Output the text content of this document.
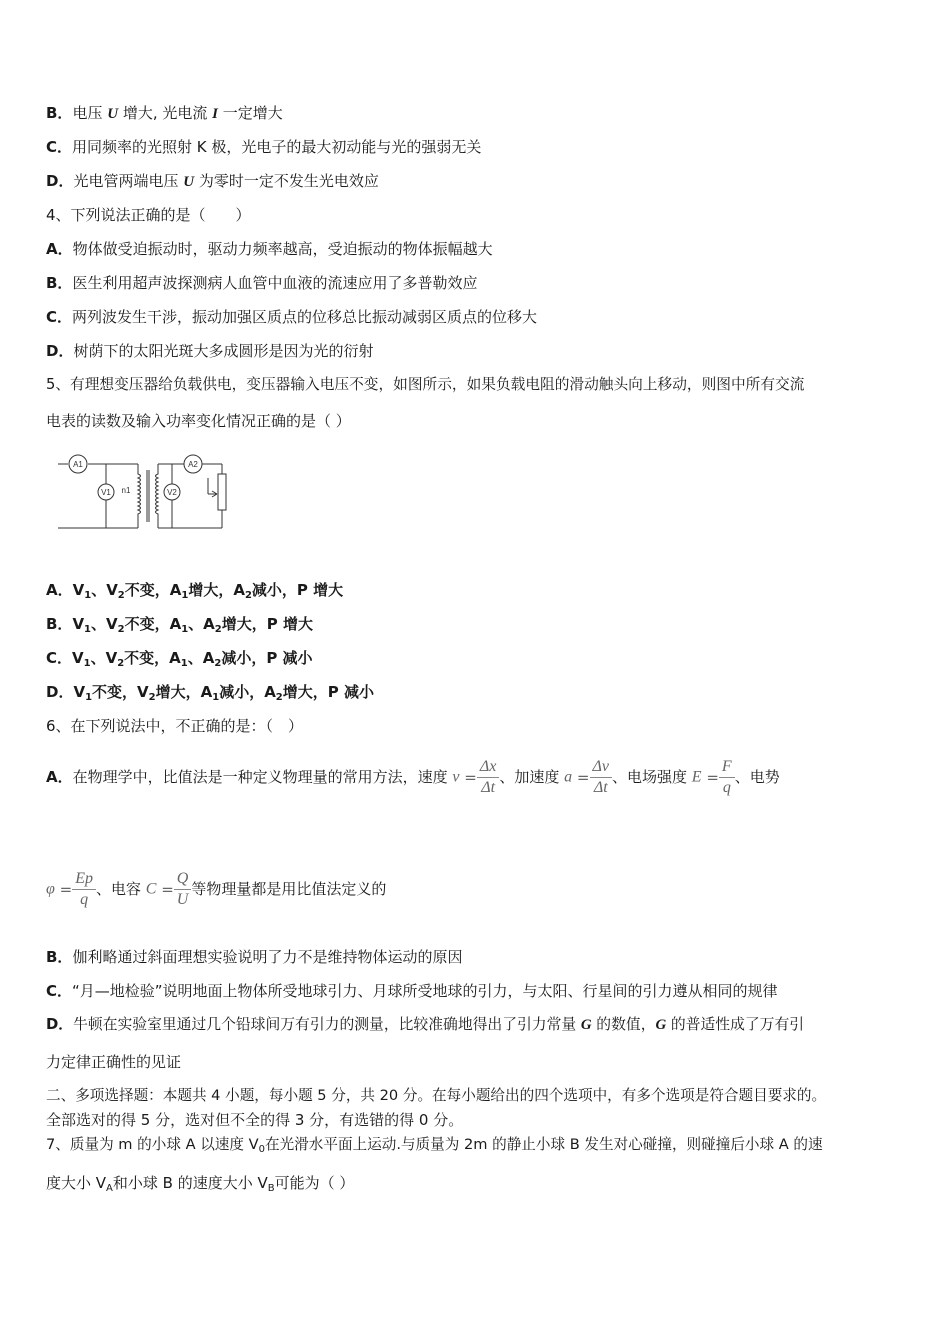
B．电压 U 增大, 光电流 I 一定增大
C．用同频率的光照射 K 极，光电子的最大初动能与光的强弱无关
D．光电管两端电压 U 为零时一定不发生光电效应
4、下列说法正确的是（　　）
A．物体做受迫振动时，驱动力频率越高，受迫振动的物体振幅越大
B．医生利用超声波探测病人血管中血液的流速应用了多普勒效应
C．两列波发生干涉，振动加强区质点的位移总比振动减弱区质点的位移大
D．树荫下的太阳光斑大多成圆形是因为光的衍射
5、有理想变压器给负载供电，变压器输入电压不变，如图所示，如果负载电阻的滑动触头向上移动，则图中所有交流
电表的读数及输入功率变化情况正确的是（ ）
A1
V1
A2
V2
n1
A．$V_1$、$V_2$不变，$A_1$增大，$A_2$减小，P 增大
B．$V_1$、$V_2$不变，$A_1$、$A_2$增大，P 增大
C．$V_1$、$V_2$不变，$A_1$、$A_2$减小，P 减小
D．$V_1$不变，$V_2$增大，$A_1$减小，$A_2$增大，P 减小
6、在下列说法中，不正确的是：（　）
A．在物理学中，比值法是一种定义物理量的常用方法，速度 $v = \frac{\Delta x}{\Delta t}$ 、加速度 $a = \frac{\Delta v}{\Delta t}$ 、电场强度 $E = \frac{F}{q}$ 、电势
$\varphi = \frac{Ep}{q}$ 、电容 $C = \frac{Q}{U}$ 等物理量都是用比值法定义的
B．伽利略通过斜面理想实验说明了力不是维持物体运动的原因
C．“月—地检验”说明地面上物体所受地球引力、月球所受地球的引力，与太阳、行星间的引力遵从相同的规律
D．牛顿在实验室里通过几个铅球间万有引力的测量，比较准确地得出了引力常量 G 的数值，G 的普适性成了万有引
力定律正确性的见证
二、多项选择题：本题共 4 小题，每小题 5 分，共 20 分。在每小题给出的四个选项中，有多个选项是符合题目要求的。
全部选对的得 5 分，选对但不全的得 3 分，有选错的得 0 分。
7、质量为 m 的小球 A 以速度 $V_0$在光滑水平面上运动.与质量为 2m 的静止小球 B 发生对心碰撞，则碰撞后小球 A 的速
度大小 $V_A$和小球 B 的速度大小 $V_B$可能为（ ）
